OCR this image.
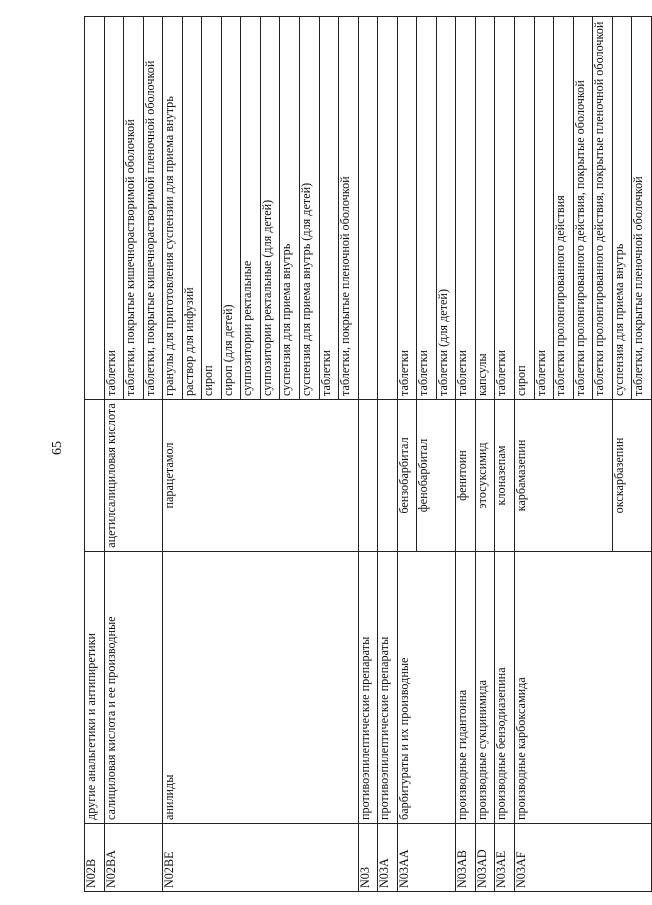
65
N02B	другие анальгетики и антипиретики		
N02BA	салициловая кислота и ее производные	ацетилсалициловая кислота	таблетки
			таблетки, покрытые кишечнорастворимой оболочкой
			таблетки, покрытые кишечнорастворимой пленочной оболочкой
N02BE	анилиды	парацетамол	гранулы для приготовления суспензии для приема внутрь
			раствор для инфузий
			сироп
			сироп (для детей)
			суппозитории ректальные
			суппозитории ректальные (для детей)
			суспензия для приема внутрь
			суспензия для приема внутрь (для детей)
			таблетки
			таблетки, покрытые пленочной оболочкой
N03	противоэпилептические препараты		
N03A	противоэпилептические препараты		
N03AA	барбитураты и их производные	бензобарбитал	таблетки
		фенобарбитал	таблетки
			таблетки (для детей)
N03AB	производные гидантоина	фенитоин	таблетки
N03AD	производные сукцинимида	этосуксимид	капсулы
N03AE	производные бензодиазепина	клоназепам	таблетки
N03AF	производные карбоксамида	карбамазепин	сироп
			таблетки
			таблетки пролонгированного действия
			таблетки пролонгированного действия, покрытые оболочкой
			таблетки пролонгированного действия, покрытые пленочной оболочкой
		окскарбазепин	суспензия для приема внутрь
			таблетки, покрытые пленочной оболочкой
